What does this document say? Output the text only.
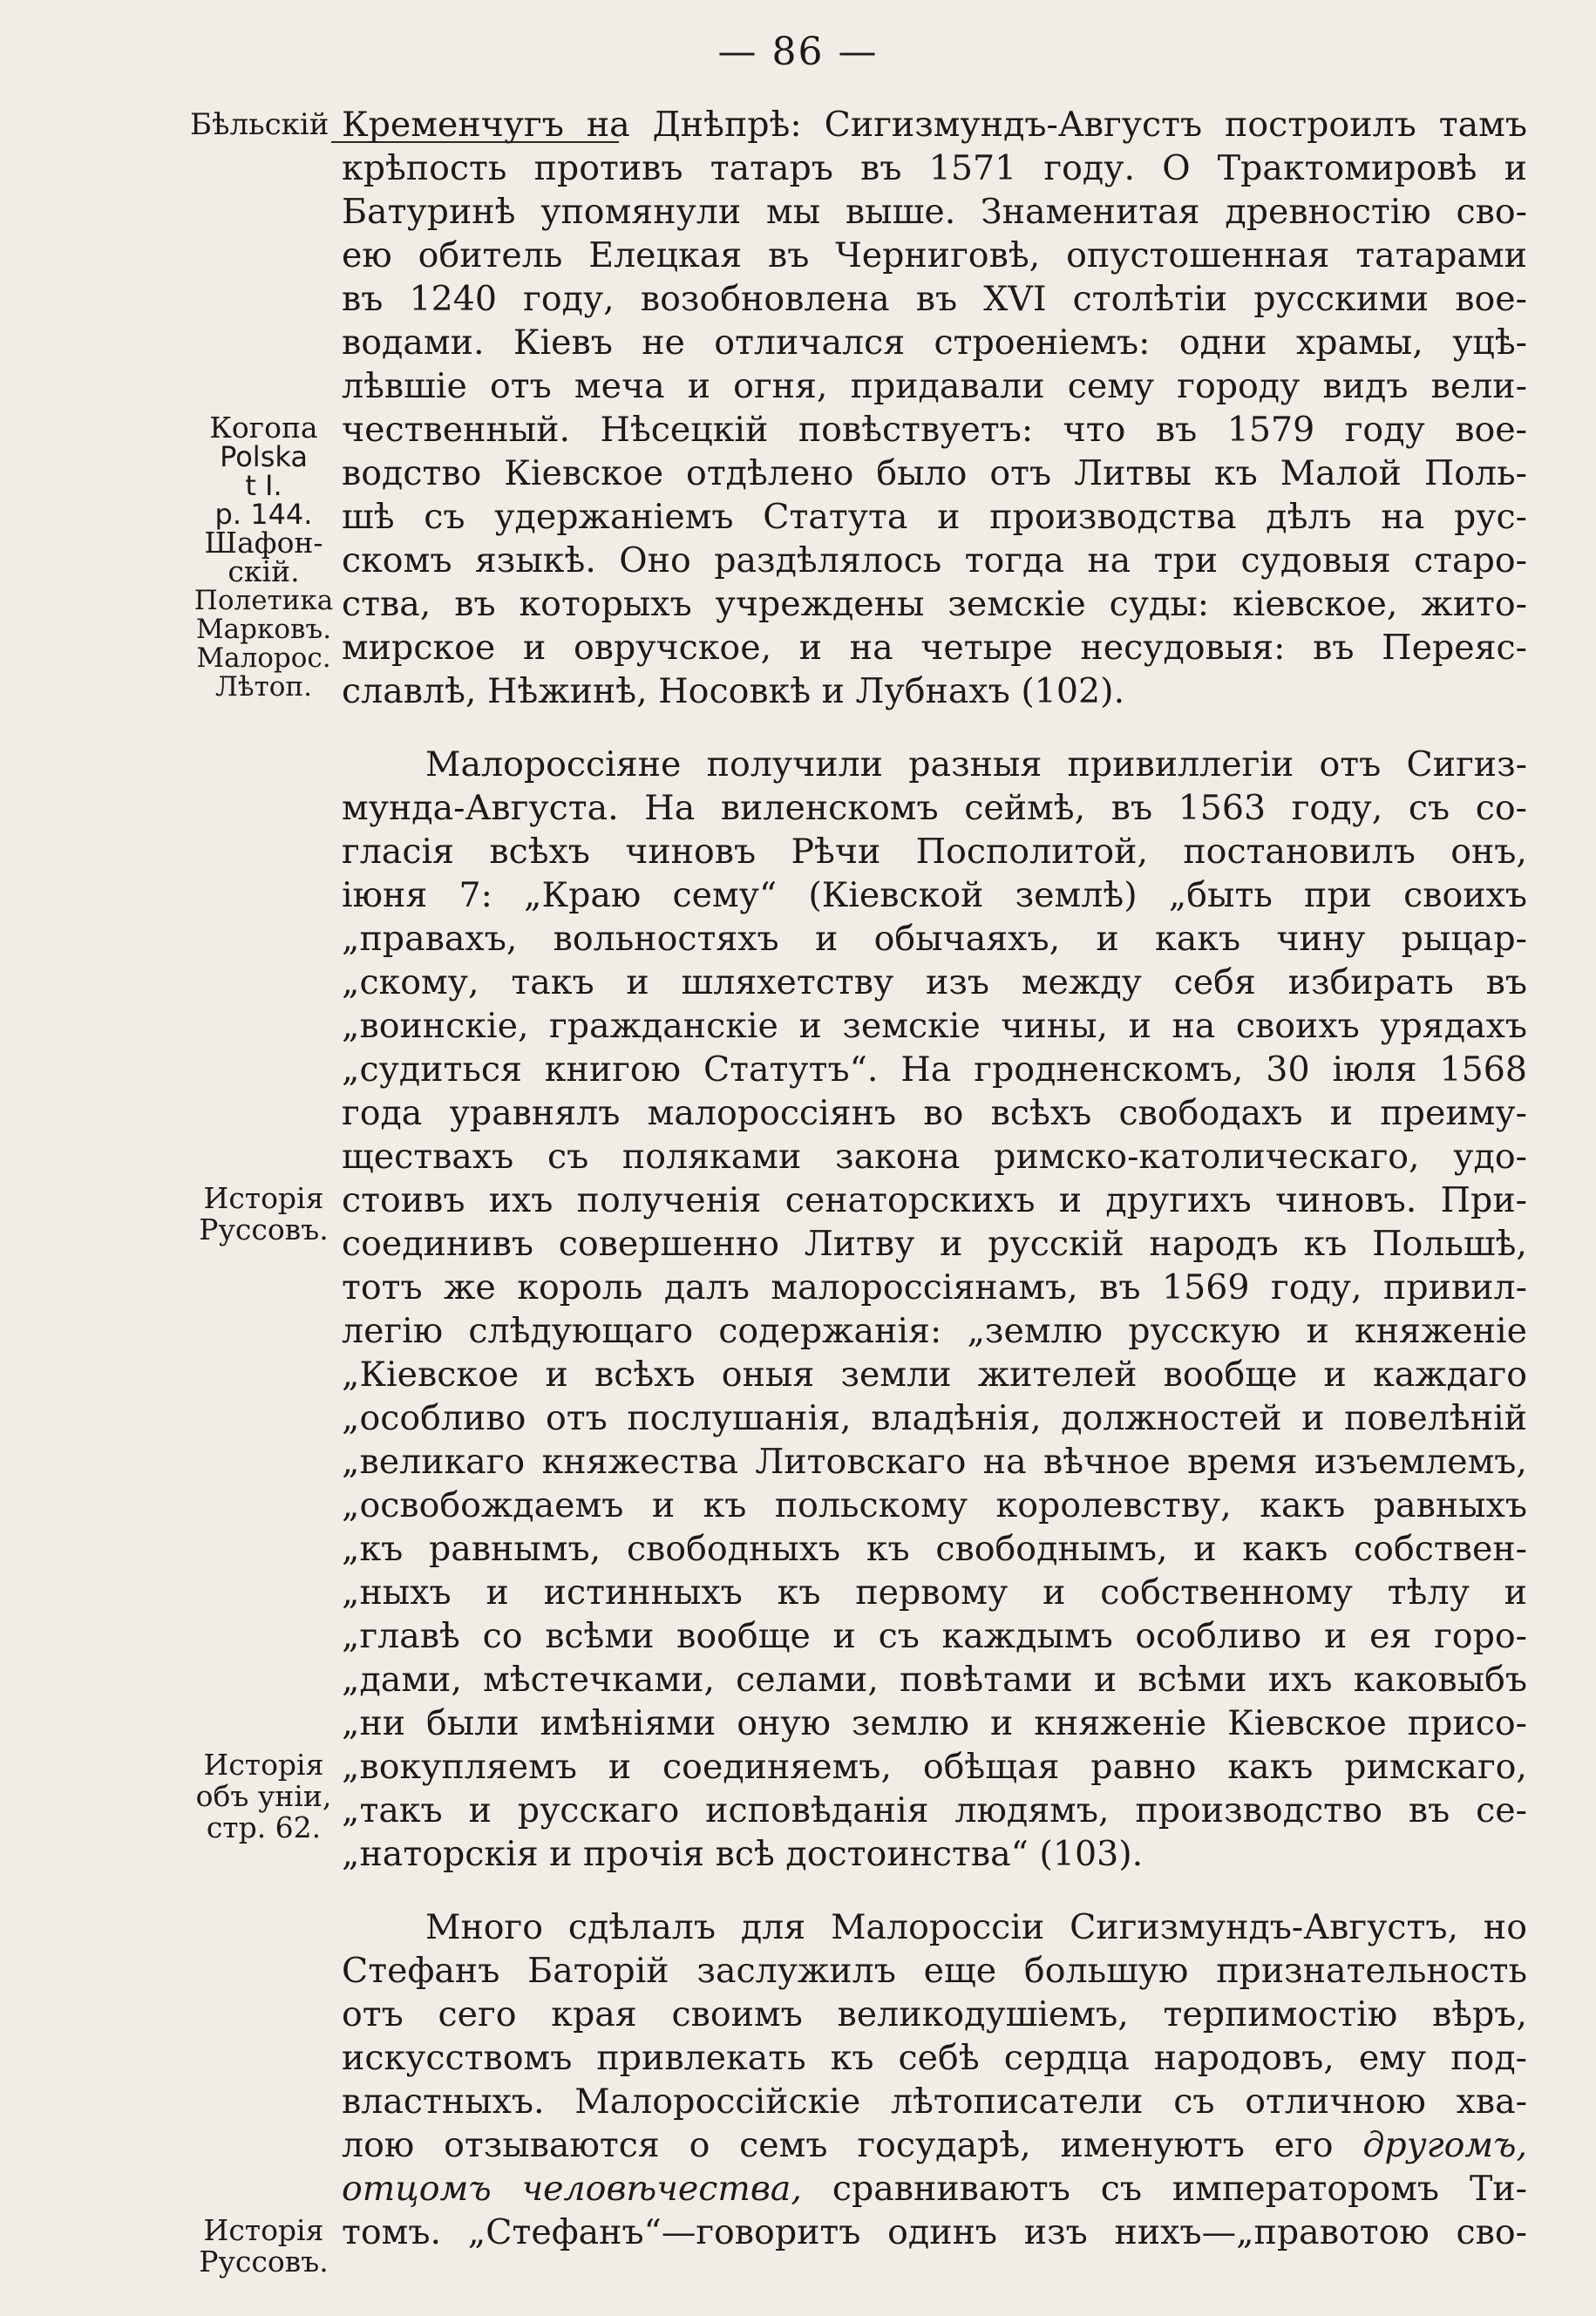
— 86 —
Бѣльскій
Когопа
Polska
t I.
p. 144.
Шафон-
скій.
Полетика
Марковъ.
Малорос.
Лѣтоп.
Исторія
Руссовъ.
Исторія
объ уніи,
стр. 62.
Исторія
Руссовъ.
Кременчугъ на Днѣпрѣ: Сигизмундъ-Августъ построилъ тамъ
крѣпость противъ татаръ въ 1571 году. О Трактомировѣ и
Батуринѣ упомянули мы выше. Знаменитая древностію сво-
ею обитель Елецкая въ Черниговѣ, опустошенная татарами
въ 1240 году, возобновлена въ XVI столѣтіи русскими вое-
водами. Кіевъ не отличался строеніемъ: одни храмы, уцѣ-
лѣвшіе отъ меча и огня, придавали сему городу видъ вели-
чественный. Нѣсецкій повѣствуетъ: что въ 1579 году вое-
водство Кіевское отдѣлено было отъ Литвы къ Малой Поль-
шѣ съ удержаніемъ Статута и производства дѣлъ на рус-
скомъ языкѣ. Оно раздѣлялось тогда на три судовыя старо-
ства, въ которыхъ учреждены земскіе суды: кіевское, жито-
мирское и овручское, и на четыре несудовыя: въ Переяс-
славлѣ, Нѣжинѣ, Носовкѣ и Лубнахъ (102).
Малороссіяне получили разныя привиллегіи отъ Сигиз-
мунда-Августа. На виленскомъ сеймѣ, въ 1563 году, съ со-
гласія всѣхъ чиновъ Рѣчи Посполитой, постановилъ онъ,
іюня 7: „Краю сему“ (Кіевской землѣ) „быть при своихъ
„правахъ, вольностяхъ и обычаяхъ, и какъ чину рыцар-
„скому, такъ и шляхетству изъ между себя избирать въ
„воинскіе, гражданскіе и земскіе чины, и на своихъ урядахъ
„судиться книгою Статутъ“. На гродненскомъ, 30 іюля 1568
года уравнялъ малороссіянъ во всѣхъ свободахъ и преиму-
ществахъ съ поляками закона римско-католическаго, удо-
стоивъ ихъ полученія сенаторскихъ и другихъ чиновъ. При-
соединивъ совершенно Литву и русскій народъ къ Польшѣ,
тотъ же король далъ малороссіянамъ, въ 1569 году, привил-
легію слѣдующаго содержанія: „землю русскую и княженіе
„Кіевское и всѣхъ оныя земли жителей вообще и каждаго
„особливо отъ послушанія, владѣнія, должностей и повелѣній
„великаго княжества Литовскаго на вѣчное время изъемлемъ,
„освобождаемъ и къ польскому королевству, какъ равныхъ
„къ равнымъ, свободныхъ къ свободнымъ, и какъ собствен-
„ныхъ и истинныхъ къ первому и собственному тѣлу и
„главѣ со всѣми вообще и съ каждымъ особливо и ея горо-
„дами, мѣстечками, селами, повѣтами и всѣми ихъ каковыбъ
„ни были имѣніями оную землю и княженіе Кіевское присо-
„вокупляемъ и соединяемъ, обѣщая равно какъ римскаго,
„такъ и русскаго исповѣданія людямъ, производство въ се-
„наторскія и прочія всѣ достоинства“ (103).
Много сдѣлалъ для Малороссіи Сигизмундъ-Августъ, но
Стефанъ Баторій заслужилъ еще большую признательность
отъ сего края своимъ великодушіемъ, терпимостію вѣръ,
искусствомъ привлекать къ себѣ сердца народовъ, ему под-
властныхъ. Малороссійскіе лѣтописатели съ отличною хва-
лою отзываются о семъ государѣ, именуютъ его другомъ,
отцомъ человѣчества, сравниваютъ съ императоромъ Ти-
томъ. „Стефанъ“—говоритъ одинъ изъ нихъ—„правотою сво-
